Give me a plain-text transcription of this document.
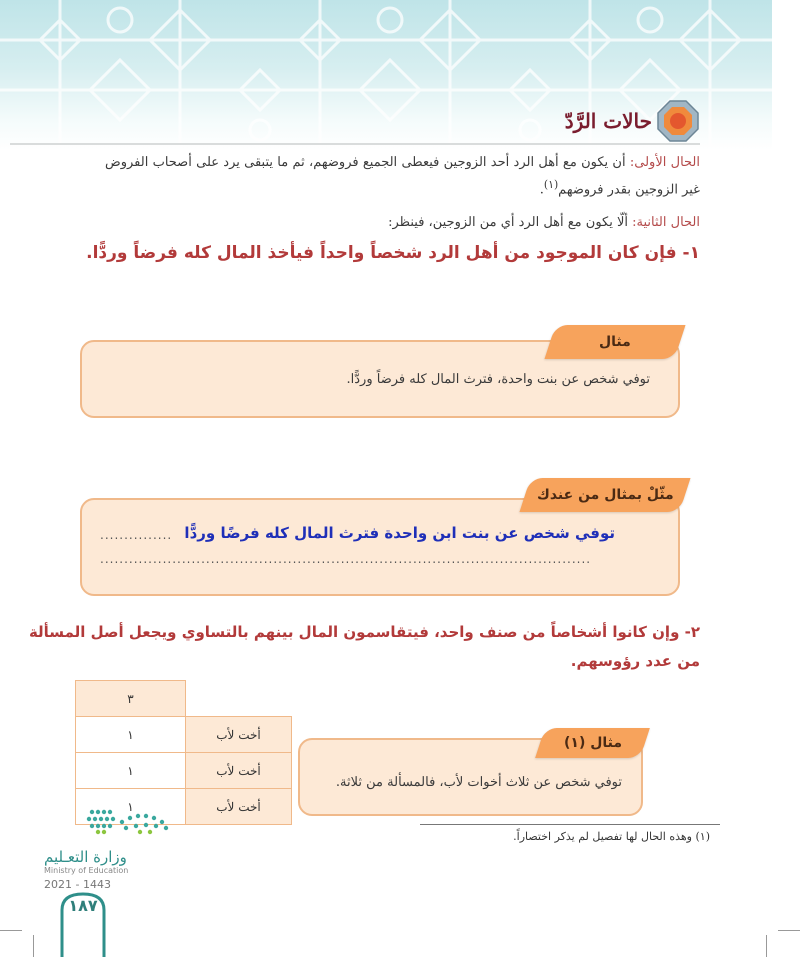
حالات الرَّدّ
الحال الأولى: أن يكون مع أهل الرد أحد الزوجين فيعطى الجميع فروضهم، ثم ما يتبقى يرد على أصحاب الفروض غير الزوجين بقدر فروضهم$^{(١)}$.
الحال الثانية: ألّا يكون مع أهل الرد أي من الزوجين، فينظر:
١- فإن كان الموجود من أهل الرد شخصاً واحداً فيأخذ المال كله فرضاً وردًّا.
مثال
توفي شخص عن بنت واحدة، فترث المال كله فرضاً وردًّا.
مثّلْ بمثال من عندك
توفي شخص عن بنت ابن واحدة فترث المال كله فرضًا وردًّا
...............
......................................................................................................
٢- وإن كانوا أشخاصاً من صنف واحد، فيتقاسمون المال بينهم بالتساوي ويجعل أصل المسألة
من عدد رؤوسهم.
٣	
١	أخت لأب
١	أخت لأب
١	أخت لأب
مثال (١)
توفي شخص عن ثلاث أخوات لأب، فالمسألة من ثلاثة.
(١) وهذه الحال لها تفصيل لم يذكر اختصاراً.
وزارة التعـليم
Ministry of Education
2021 - 1443
١٨٧
